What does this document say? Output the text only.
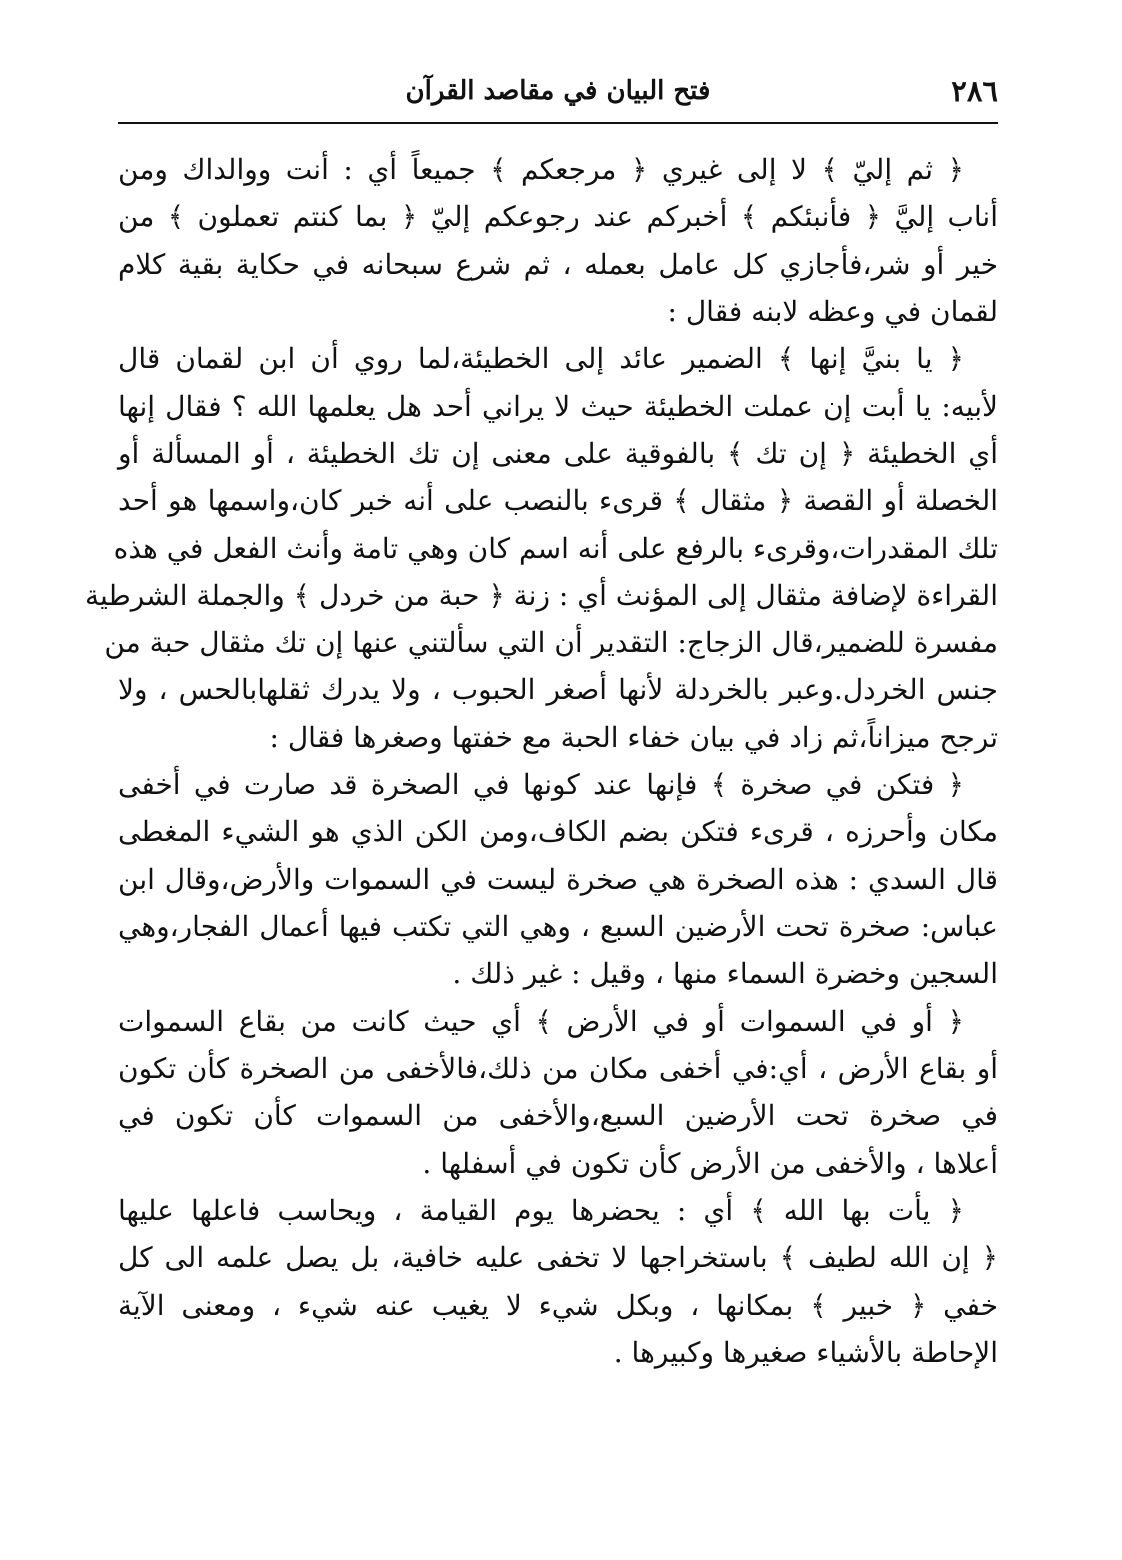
٢٨٦
فتح البيان في مقاصد القرآن

﴿ ثم إليّ ﴾ لا إلى غيري ﴿ مرجعكم ﴾ جميعاً أي : أنت ووالداك ومن
أناب إليَّ ﴿ فأنبئكم ﴾ أخبركم عند رجوعكم إليّ ﴿ بما كنتم تعملون ﴾ من
خير أو شر،فأجازي كل عامل بعمله ، ثم شرع سبحانه في حكاية بقية كلام
لقمان في وعظه لابنه فقال :

﴿ يا بنيَّ إنها ﴾ الضمير عائد إلى الخطيئة،لما روي أن ابن لقمان قال
لأبيه: يا أبت إن عملت الخطيئة حيث لا يراني أحد هل يعلمها الله ؟ فقال إنها
أي الخطيئة ﴿ إن تك ﴾ بالفوقية على معنى إن تك الخطيئة ، أو المسألة أو
الخصلة أو القصة ﴿ مثقال ﴾ قرىء بالنصب على أنه خبر كان،واسمها هو أحد
تلك المقدرات،وقرىء بالرفع على أنه اسم كان وهي تامة وأنث الفعل في هذه
القراءة لإضافة مثقال إلى المؤنث أي : زنة ﴿ حبة من خردل ﴾ والجملة الشرطية
مفسرة للضمير،قال الزجاج: التقدير أن التي سألتني عنها إن تك مثقال حبة من
جنس الخردل.وعبر بالخردلة لأنها أصغر الحبوب ، ولا يدرك ثقلهابالحس ، ولا
ترجح ميزاناً،ثم زاد في بيان خفاء الحبة مع خفتها وصغرها فقال :

﴿ فتكن في صخرة ﴾ فإنها عند كونها في الصخرة قد صارت في أخفى
مكان وأحرزه ، قرىء فتكن بضم الكاف،ومن الكن الذي هو الشيء المغطى
قال السدي : هذه الصخرة هي صخرة ليست في السموات والأرض،وقال ابن
عباس: صخرة تحت الأرضين السبع ، وهي التي تكتب فيها أعمال الفجار،وهي
السجين وخضرة السماء منها ، وقيل : غير ذلك .

﴿ أو في السموات أو في الأرض ﴾ أي حيث كانت من بقاع السموات
أو بقاع الأرض ، أي:في أخفى مكان من ذلك،فالأخفى من الصخرة كأن تكون
في صخرة تحت الأرضين السبع،والأخفى من السموات كأن تكون في
أعلاها ، والأخفى من الأرض كأن تكون في أسفلها .

﴿ يأت بها الله ﴾ أي : يحضرها يوم القيامة ، ويحاسب فاعلها عليها
﴿ إن الله لطيف ﴾ باستخراجها لا تخفى عليه خافية، بل يصل علمه الى كل
خفي ﴿ خبير ﴾ بمكانها ، وبكل شيء لا يغيب عنه شيء ، ومعنى الآية
الإحاطة بالأشياء صغيرها وكبيرها .
